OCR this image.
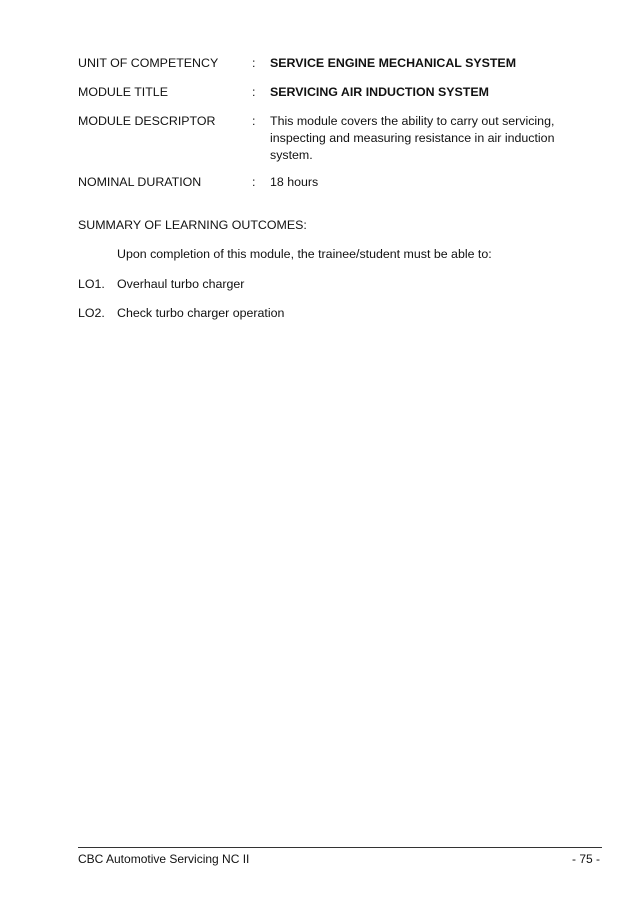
UNIT OF COMPETENCY	:	SERVICE ENGINE MECHANICAL SYSTEM
MODULE TITLE	:	SERVICING AIR INDUCTION SYSTEM
MODULE DESCRIPTOR	:	This module covers the ability to carry out servicing, inspecting and measuring resistance in air induction system.
NOMINAL DURATION	:	18 hours
SUMMARY OF LEARNING OUTCOMES:
Upon completion of this module, the trainee/student must be able to:
LO1. Overhaul turbo charger
LO2. Check turbo charger operation
CBC Automotive Servicing NC II	- 75 -
